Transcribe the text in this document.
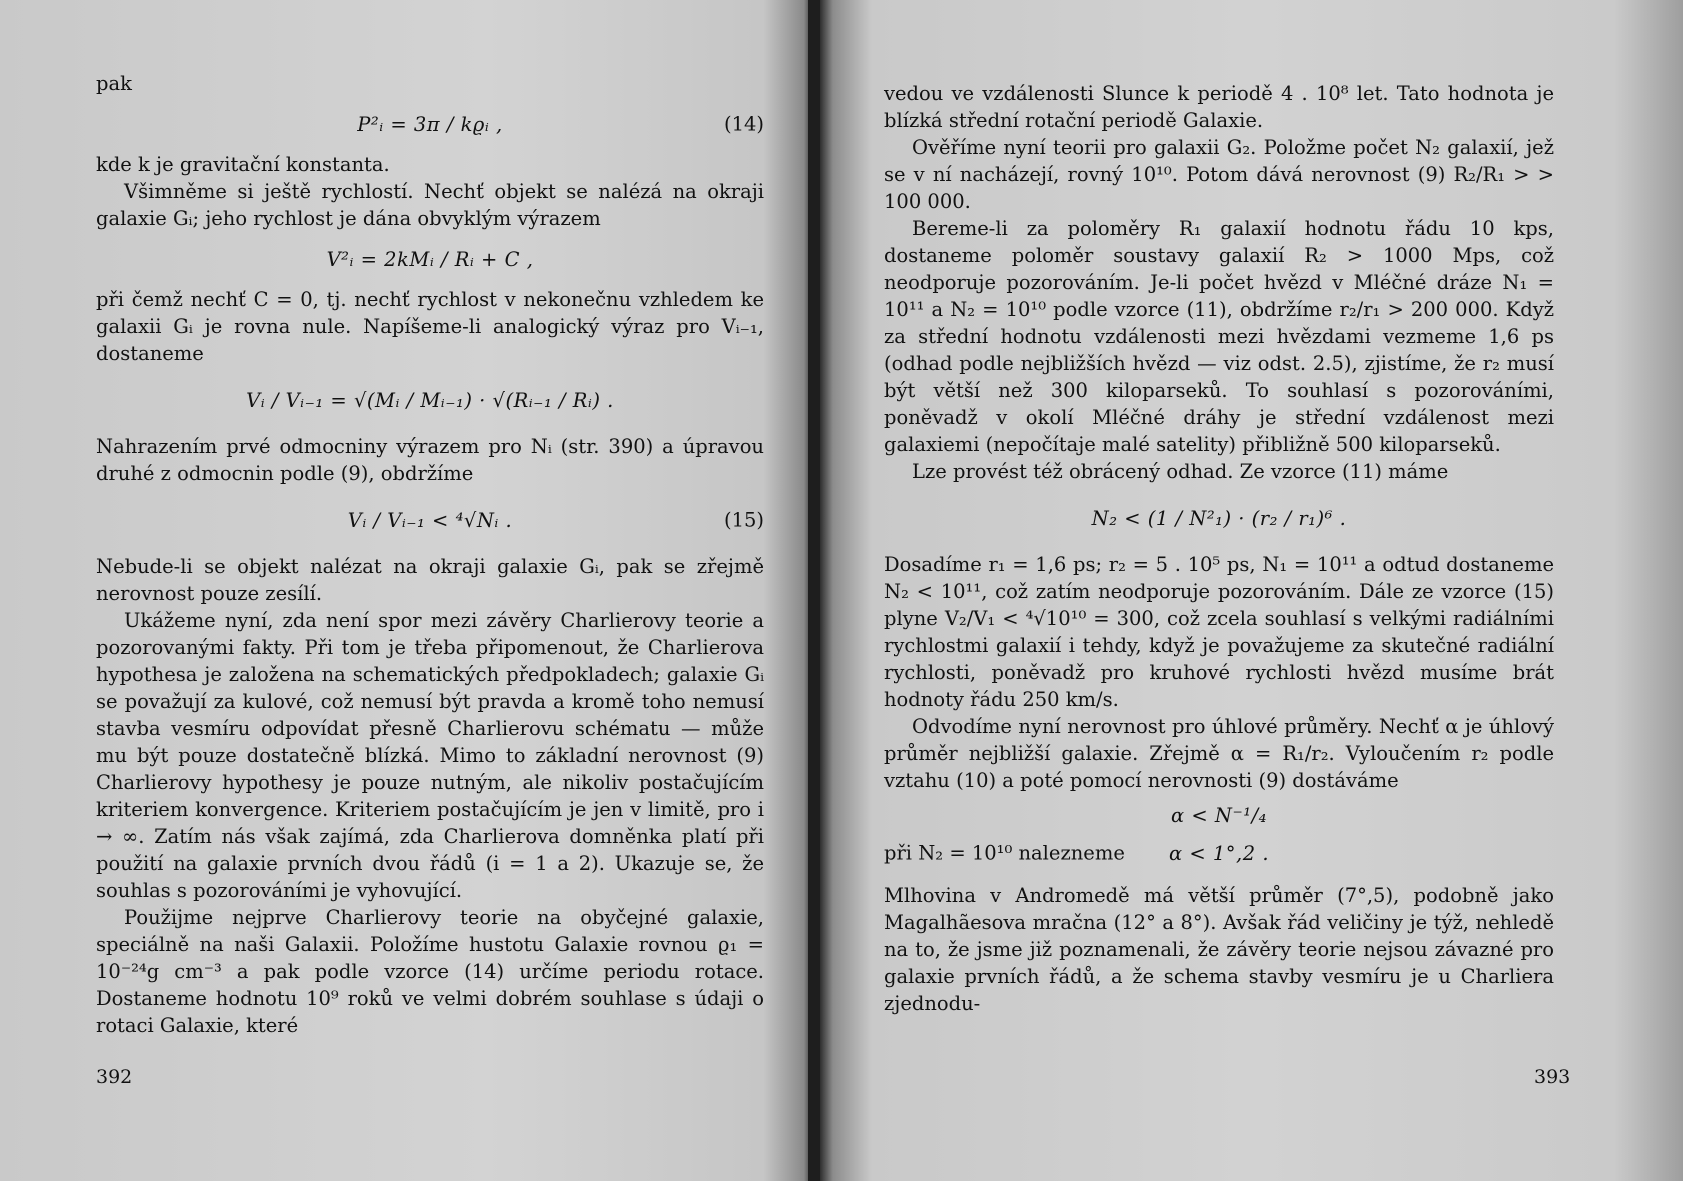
pak

P²ᵢ = 3π / kϱᵢ ,	(14)

kde k je gravitační konstanta.

Všimněme si ještě rychlostí. Nechť objekt se nalézá na okraji galaxie Gᵢ; jeho rychlost je dána obvyklým výrazem

V²ᵢ = 2kMᵢ / Rᵢ + C ,

při čemž nechť C = 0, tj. nechť rychlost v nekonečnu vzhledem ke galaxii Gᵢ je rovna nule. Napíšeme-li analogický výraz pro Vᵢ₋₁, dostaneme

Vᵢ / Vᵢ₋₁ = √(Mᵢ / Mᵢ₋₁) · √(Rᵢ₋₁ / Rᵢ) .

Nahrazením prvé odmocniny výrazem pro Nᵢ (str. 390) a úpravou druhé z odmocnin podle (9), obdržíme

Vᵢ / Vᵢ₋₁ < ⁴√Nᵢ .	(15)

Nebude-li se objekt nalézat na okraji galaxie Gᵢ, pak se zřejmě nerovnost pouze zesílí.

Ukážeme nyní, zda není spor mezi závěry Charlierovy teorie a pozorovanými fakty. Při tom je třeba připomenout, že Charlierova hypothesa je založena na schematických předpokladech; galaxie Gᵢ se považují za kulové, což nemusí být pravda a kromě toho nemusí stavba vesmíru odpovídat přesně Charlierovu schématu — může mu být pouze dostatečně blízká. Mimo to základní nerovnost (9) Charlierovy hypothesy je pouze nutným, ale nikoliv postačujícím kriteriem konvergence. Kriteriem postačujícím je jen v limitě, pro i → ∞. Zatím nás však zajímá, zda Charlierova domněnka platí při použití na galaxie prvních dvou řádů (i = 1 a 2). Ukazuje se, že souhlas s pozorováními je vyhovující.

Použijme nejprve Charlierovy teorie na obyčejné galaxie, speciálně na naši Galaxii. Položíme hustotu Galaxie rovnou ϱ₁ = 10⁻²⁴g cm⁻³ a pak podle vzorce (14) určíme periodu rotace. Dostaneme hodnotu 10⁹ roků ve velmi dobrém souhlase s údaji o rotaci Galaxie, které

392

vedou ve vzdálenosti Slunce k periodě 4 . 10⁸ let. Tato hodnota je blízká střední rotační periodě Galaxie.

Ověříme nyní teorii pro galaxii G₂. Položme počet N₂ galaxií, jež se v ní nacházejí, rovný 10¹⁰. Potom dává nerovnost (9) R₂/R₁ > > 100 000.

Bereme-li za poloměry R₁ galaxií hodnotu řádu 10 kps, dostaneme poloměr soustavy galaxií R₂ > 1000 Mps, což neodporuje pozorováním. Je-li počet hvězd v Mléčné dráze N₁ = 10¹¹ a N₂ = 10¹⁰ podle vzorce (11), obdržíme r₂/r₁ > 200 000. Když za střední hodnotu vzdálenosti mezi hvězdami vezmeme 1,6 ps (odhad podle nejbližších hvězd — viz odst. 2.5), zjistíme, že r₂ musí být větší než 300 kiloparseků. To souhlasí s pozorováními, poněvadž v okolí Mléčné dráhy je střední vzdálenost mezi galaxiemi (nepočítaje malé satelity) přibližně 500 kiloparseků.

Lze provést též obrácený odhad. Ze vzorce (11) máme

N₂ < (1 / N²₁) · (r₂ / r₁)⁶ .

Dosadíme r₁ = 1,6 ps; r₂ = 5 . 10⁵ ps, N₁ = 10¹¹ a odtud dostaneme N₂ < 10¹¹, což zatím neodporuje pozorováním. Dále ze vzorce (15) plyne V₂/V₁ < ⁴√10¹⁰ = 300, což zcela souhlasí s velkými radiálními rychlostmi galaxií i tehdy, když je považujeme za skutečné radiální rychlosti, poněvadž pro kruhové rychlosti hvězd musíme brát hodnoty řádu 250 km/s.

Odvodíme nyní nerovnost pro úhlové průměry. Nechť α je úhlový průměr nejbližší galaxie. Zřejmě α = R₁/r₂. Vyloučením r₂ podle vztahu (10) a poté pomocí nerovnosti (9) dostáváme

α < N⁻¹/₄
při N₂ = 10¹⁰ nalezneme α < 1°,2 .

Mlhovina v Andromedě má větší průměr (7°,5), podobně jako Magalhãesova mračna (12° a 8°). Avšak řád veličiny je týž, nehledě na to, že jsme již poznamenali, že závěry teorie nejsou závazné pro galaxie prvních řádů, a že schema stavby vesmíru je u Charliera zjednodu-

393
